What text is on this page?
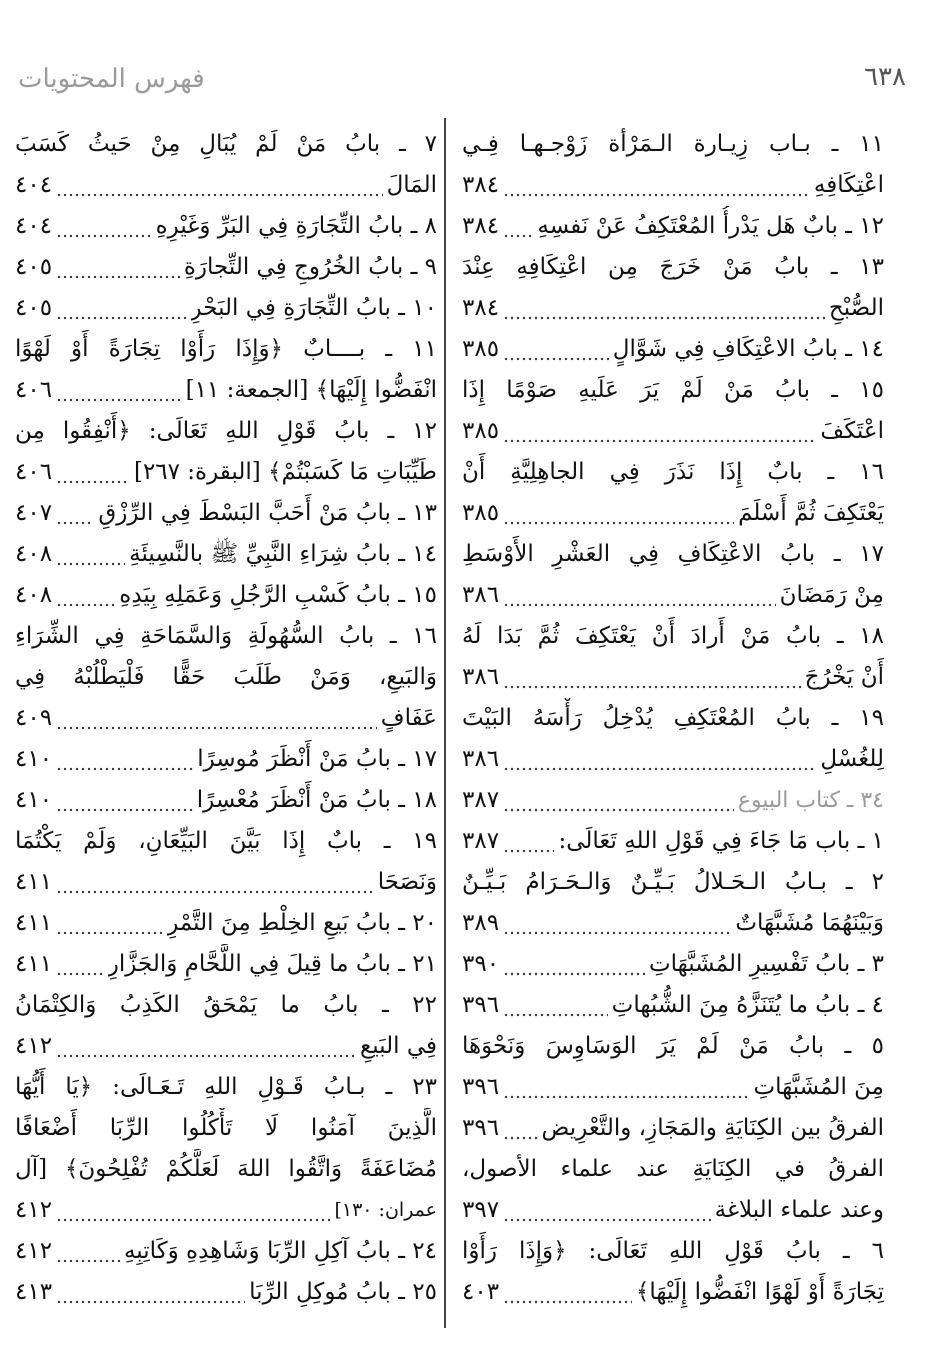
٦٣٨
فهرس المحتويات
١١ ـ بـاب زِيـارة الـمَرْأة زَوْجـهـا فِـي
اعْتِكَافِهِ
٣٨٤
١٢ ـ بابٌ هَل يَدْرأُ المُعْتَكِفُ عَنْ نَفسِهِ
٣٨٤
١٣ ـ بابُ مَنْ خَرَجَ مِن اعْتِكَافِهِ عِنْدَ
الصُّبْحِ
٣٨٤
١٤ ـ بابُ الاعْتِكَافِ فِي شَوَّالٍ
٣٨٥
١٥ ـ بابُ مَنْ لَمْ يَرَ عَلَيهِ صَوْمًا إِذَا
اعْتَكَفَ
٣٨٥
١٦ ـ بابٌ إِذَا نَذَرَ فِي الجاهِلِيَّةِ أَنْ
يَعْتَكِفَ ثُمَّ أَسْلَمَ
٣٨٥
١٧ ـ بابُ الاعْتِكَافِ فِي العَشْرِ الأَوْسَطِ
مِنْ رَمَضَانَ
٣٨٦
١٨ ـ بابُ مَنْ أَرادَ أَنْ يَعْتَكِفَ ثُمَّ بَدَا لَهُ
أَنْ يَخْرُجَ
٣٨٦
١٩ ـ بابُ المُعْتَكِفِ يُدْخِلُ رَأْسَهُ البَيْتَ
لِلغُسْلِ
٣٨٦
٣٤ ـ كتاب البيوع
٣٨٧
١ ـ باب مَا جَاءَ فِي قَوْلِ اللهِ تَعَالَى:
٣٨٧
٢ ـ بـابُ الـحَـلالُ بَـيِّـنٌ وَالـحَـرَامُ بَـيِّـنٌ
وَبَيْنَهُمَا مُشَبَّهَاتٌ
٣٨٩
٣ ـ بابُ تَفْسِيرِ المُشَبَّهَاتِ
٣٩٠
٤ ـ بابُ ما يُتَنَزَّهُ مِنَ الشُّبُهاتِ
٣٩٦
٥ ـ بابُ مَنْ لَمْ يَرَ الوَسَاوِسَ وَنَحْوَهَا
مِنَ المُشَبَّهَاتِ
٣٩٦
الفرقُ بين الكِنَايَةِ والمَجَازِ، والتَّعْرِيض
٣٩٦
الفرقُ في الكِنَايَةِ عند علماء الأصول،
وعند علماء البلاغة
٣٩٧
٦ ـ بابُ قَوْلِ اللهِ تَعَالَى: ﴿وَإِذَا رَأَوْا
تِجَارَةً أَوْ لَهْوًا انْفَضُّوا إِلَيْهَا﴾
٤٠٣
٧ ـ بابُ مَنْ لَمْ يُبَالِ مِنْ حَيثُ كَسَبَ
المَالَ
٤٠٤
٨ ـ بابُ التِّجَارَةِ فِي البَرِّ وَغَيْرِهِ
٤٠٤
٩ ـ بابُ الخُرُوجِ فِي التِّجارَةِ
٤٠٥
١٠ ـ بابُ التِّجَارَةِ فِي البَحْرِ
٤٠٥
١١ ـ بــــابٌ ﴿وَإِذَا رَأَوْا تِجَارَةً أَوْ لَهْوًا
انْفَضُّوا إِلَيْهَا﴾ [الجمعة: ١١]
٤٠٦
١٢ ـ بابُ قَوْلِ اللهِ تَعَالَى: ﴿أَنْفِقُوا مِن
طَيِّبَاتِ مَا كَسَبْتُمْ﴾ [البقرة: ٢٦٧]
٤٠٦
١٣ ـ بابُ مَنْ أَحَبَّ البَسْطَ فِي الرِّزْقِ
٤٠٧
١٤ ـ بابُ شِرَاءِ النَّبِيِّ ﷺ بالنَّسِيئَةِ
٤٠٨
١٥ ـ بابُ كَسْبِ الرَّجُلِ وَعَمَلِهِ بِيَدِهِ
٤٠٨
١٦ ـ بابُ السُّهُولَةِ وَالسَّمَاحَةِ فِي الشِّرَاءِ
وَالبَيعِ، وَمَنْ طَلَبَ حَقًّا فَلْيَطْلُبْهُ فِي
عَفَافٍ
٤٠٩
١٧ ـ بابُ مَنْ أَنْظَرَ مُوسِرًا
٤١٠
١٨ ـ بابُ مَنْ أَنْظَرَ مُعْسِرًا
٤١٠
١٩ ـ بابٌ إِذَا بَيَّنَ البَيِّعَانِ، وَلَمْ يَكْتُمَا
وَنَصَحَا
٤١١
٢٠ ـ بابُ بَيعِ الخِلْطِ مِنَ التَّمْرِ
٤١١
٢١ ـ بابُ ما قِيلَ فِي اللَّحَّامِ وَالجَزَّارِ
٤١١
٢٢ ـ بابُ ما يَمْحَقُ الكَذِبُ وَالكِتْمَانُ
فِي البَيعِ
٤١٢
٢٣ ـ بـابُ قَـوْلِ اللهِ تَـعَـالَى: ﴿يَا أَيُّهَا
الَّذِينَ آمَنُوا لَا تَأْكُلُوا الرِّبَا أَضْعَافًا
مُضَاعَفَةً وَاتَّقُوا اللهَ لَعَلَّكُمْ تُفْلِحُونَ﴾ [آل
عمران: ١٣٠]
٤١٢
٢٤ ـ بابُ آكِلِ الرِّبَا وَشَاهِدِهِ وَكَاتِبِهِ
٤١٢
٢٥ ـ بابُ مُوكِلِ الرِّبَا
٤١٣
